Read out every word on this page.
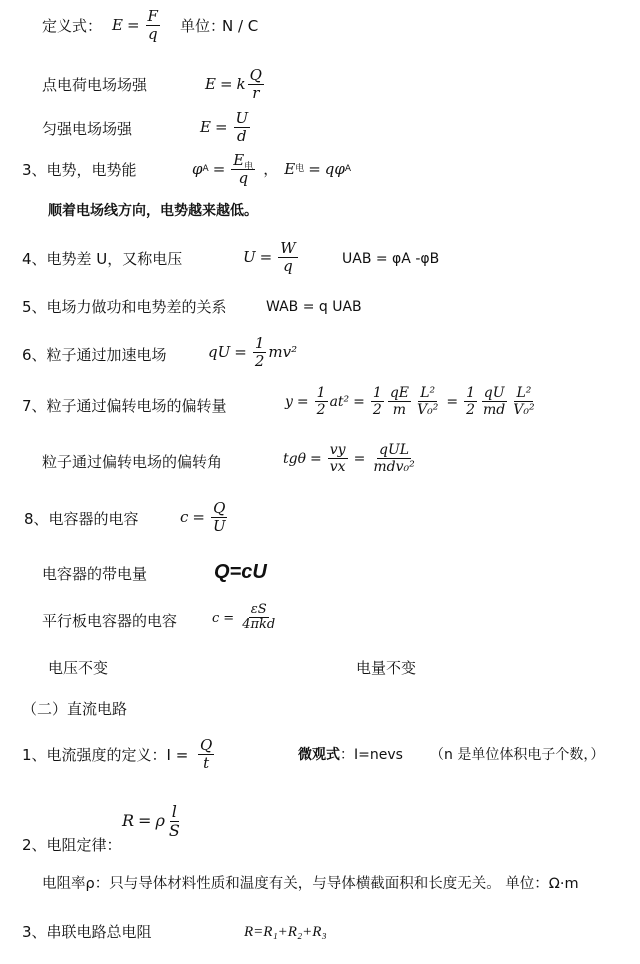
定义式： $E = \frac{F}{q}$ 单位：
N / C
点电荷电场场强	E = k $\frac{Q}{r}$
匀强电场场强	$E = \frac{U}{d}$
3、电势，电势能	φ $A = \frac{E_电}{q}$ ， E 电 = qφ A
顺着电场线方向，电势越来越低。
4、电势差 U，又称电压	$U = \frac{W}{q}$	UAB = φA -φB
5、电场力做功和电势差的关系	WAB = q UAB
6、粒子通过加速电场	qU = $\frac{1}{2} mv^2$
7、粒子通过偏转电场的偏转量	$y = \frac{1}{2} at^2 = \frac{1}{2} \frac{qE}{m} \frac{\text{L²}}{\text{V₀²}} = \frac{1}{2} \frac{qU}{md} \frac{\text{L²}}{\text{V₀²}}$
粒子通过偏转电场的偏转角	$tg\theta = \frac{vy}{vx} = \frac{\text{qUL}}{\text{mdv₀²}}$
8、电容器的电容	$c = \frac{Q}{U}$
电容器的带电量	Q=cU
平行板电容器的电容	$c = \frac{\varepsilon S}{\text{4πkd}}$
电压不变	电量不变
（二）直流电路
1、电流强度的定义：$I = \frac{Q}{t}$	微观式：I=nevs （n 是单位体积电子个数，）
R = ρ $\frac{l}{S}$
2、电阻定律：
电阻率ρ：只与导体材料性质和温度有关，与导体横截面积和长度无关。 单位：Ω·m
3、串联电路总电阻	R=R₁+R₂+R₃
